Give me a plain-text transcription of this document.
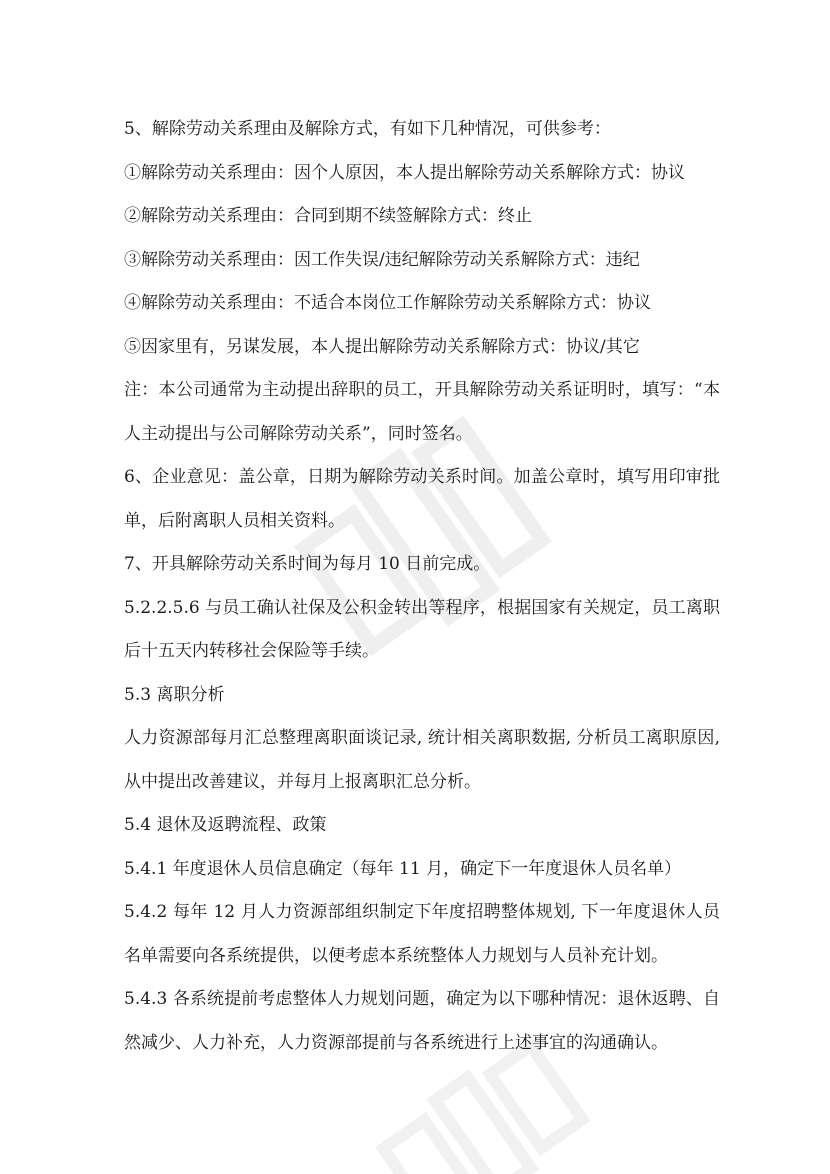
5、解除劳动关系理由及解除方式，有如下几种情况，可供参考：

①解除劳动关系理由：因个人原因，本人提出解除劳动关系解除方式：协议

②解除劳动关系理由：合同到期不续签解除方式：终止

③解除劳动关系理由：因工作失误/违纪解除劳动关系解除方式：违纪

④解除劳动关系理由：不适合本岗位工作解除劳动关系解除方式：协议

⑤因家里有，另谋发展，本人提出解除劳动关系解除方式：协议/其它

注：本公司通常为主动提出辞职的员工，开具解除劳动关系证明时，填写：“本人主动提出与公司解除劳动关系”，同时签名。

6、企业意见：盖公章，日期为解除劳动关系时间。加盖公章时，填写用印审批单，后附离职人员相关资料。

7、开具解除劳动关系时间为每月 10 日前完成。

5.2.2.5.6 与员工确认社保及公积金转出等程序，根据国家有关规定，员工离职后十五天内转移社会保险等手续。

5.3 离职分析

人力资源部每月汇总整理离职面谈记录, 统计相关离职数据, 分析员工离职原因, 从中提出改善建议，并每月上报离职汇总分析。

5.4 退休及返聘流程、政策

5.4.1 年度退休人员信息确定（每年 11 月，确定下一年度退休人员名单）

5.4.2 每年 12 月人力资源部组织制定下年度招聘整体规划, 下一年度退休人员名单需要向各系统提供，以便考虑本系统整体人力规划与人员补充计划。

5.4.3 各系统提前考虑整体人力规划问题，确定为以下哪种情况：退休返聘、自然减少、人力补充，人力资源部提前与各系统进行上述事宜的沟通确认。
